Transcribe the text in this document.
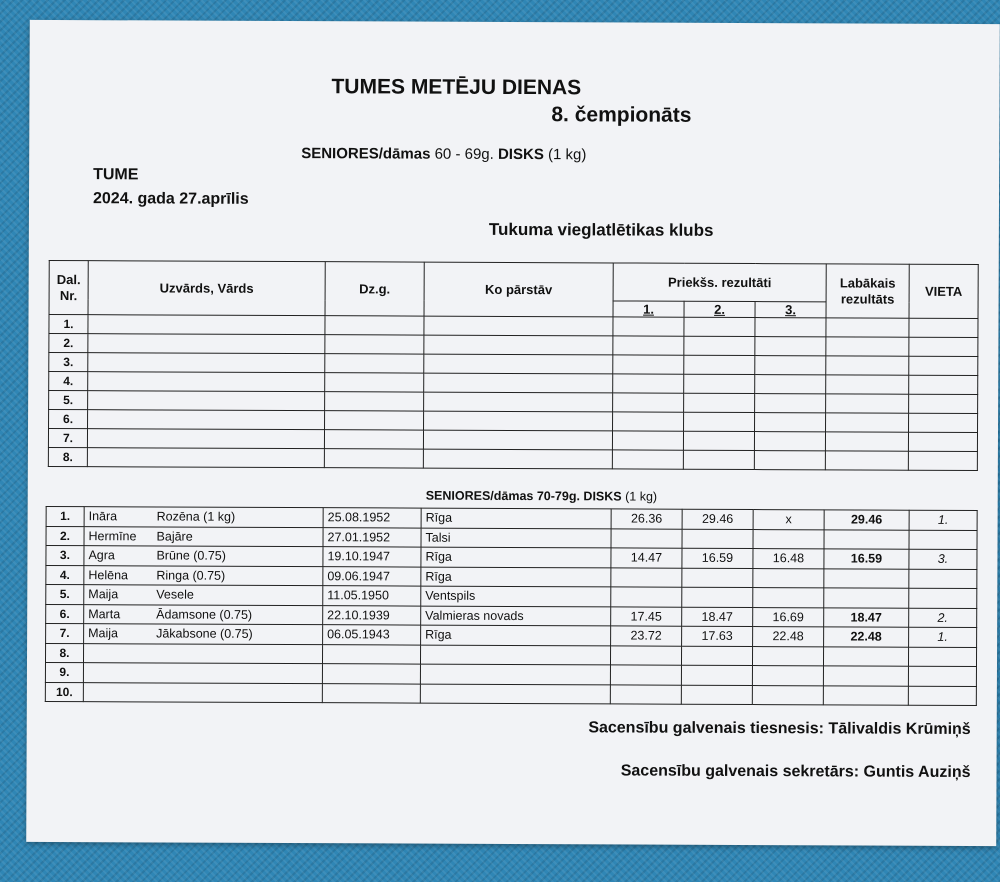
TUMES METĒJU DIENAS
8. čempionāts
SENIORES/dāmas 60 - 69g. DISKS (1 kg)
TUME
2024. gada 27.aprīlis
Tukuma vieglatlētikas klubs
Dal. Nr.	Uzvārds, Vārds	Dz.g.	Ko pārstāv	Priekšs. rezultāti			Labākais rezultāts	VIETA
				1.	2.	3.		
1.								
2.								
3.								
4.								
5.								
6.								
7.								
8.								
SENIORES/dāmas 70-79g. DISKS (1 kg)
1.	Ināra Rozēna (1 kg)	25.08.1952	Rīga	26.36	29.46	x	29.46	1.
2.	Hermīne Bajāre	27.01.1952	Talsi					
3.	Agra Brūne (0.75)	19.10.1947	Rīga	14.47	16.59	16.48	16.59	3.
4.	Helēna Ringa (0.75)	09.06.1947	Rīga					
5.	Maija Vesele	11.05.1950	Ventspils					
6.	Marta Ādamsone (0.75)	22.10.1939	Valmieras novads	17.45	18.47	16.69	18.47	2.
7.	Maija Jākabsone (0.75)	06.05.1943	Rīga	23.72	17.63	22.48	22.48	1.
8.								
9.								
10.								
Sacensību galvenais tiesnesis: Tālivaldis Krūmiņš
Sacensību galvenais sekretārs: Guntis Auziņš
